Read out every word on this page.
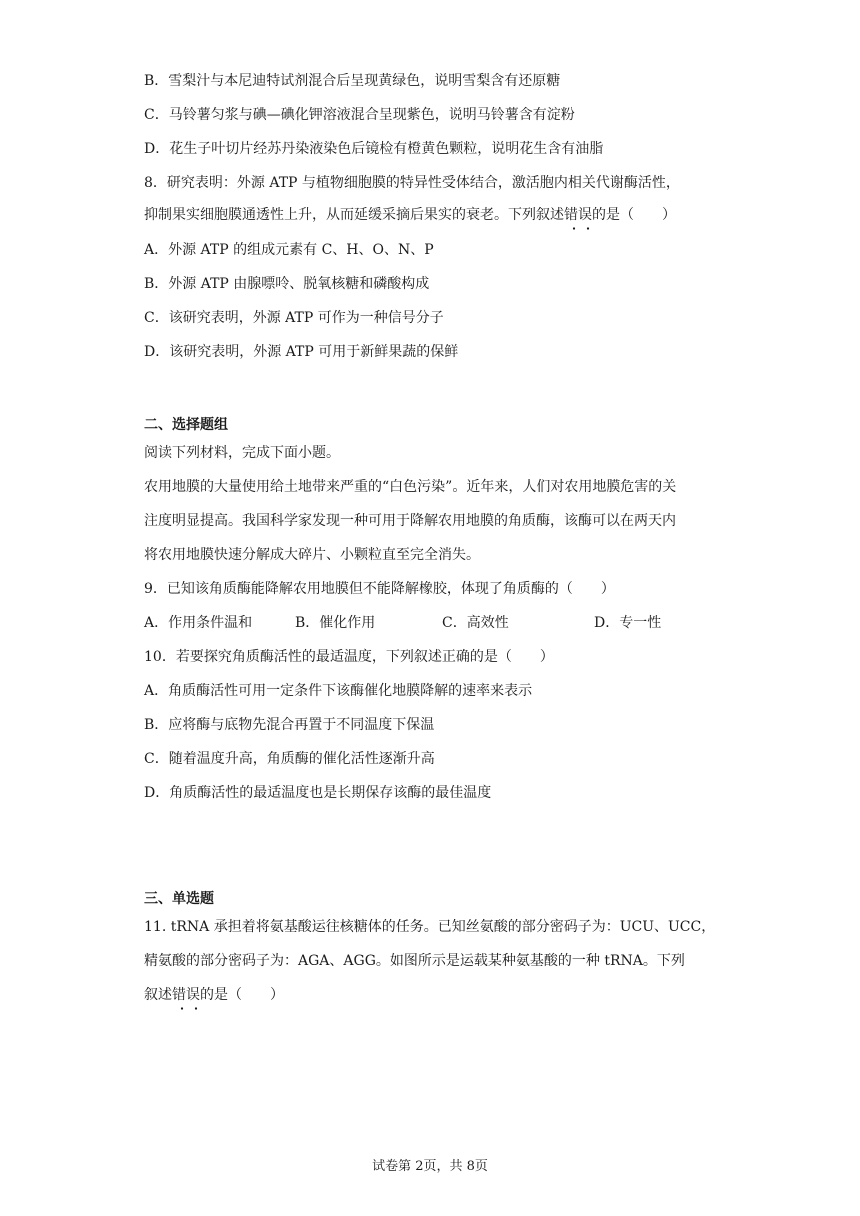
B．雪梨汁与本尼迪特试剂混合后呈现黄绿色，说明雪梨含有还原糖
C．马铃薯匀浆与碘—碘化钾溶液混合呈现紫色，说明马铃薯含有淀粉
D．花生子叶切片经苏丹染液染色后镜检有橙黄色颗粒，说明花生含有油脂
8．研究表明：外源 ATP 与植物细胞膜的特异性受体结合，激活胞内相关代谢酶活性，
抑制果实细胞膜通透性上升，从而延缓采摘后果实的衰老。下列叙述错误的是（　　）
A．外源 ATP 的组成元素有 C、H、O、N、P
B．外源 ATP 由腺嘌呤、脱氧核糖和磷酸构成
C．该研究表明，外源 ATP 可作为一种信号分子
D．该研究表明，外源 ATP 可用于新鲜果蔬的保鲜
二、选择题组
阅读下列材料，完成下面小题。
农用地膜的大量使用给土地带来严重的“白色污染”。近年来，人们对农用地膜危害的关
注度明显提高。我国科学家发现一种可用于降解农用地膜的角质酶，该酶可以在两天内
将农用地膜快速分解成大碎片、小颗粒直至完全消失。
9．已知该角质酶能降解农用地膜但不能降解橡胶，体现了角质酶的（　　）
A．作用条件温和	B．催化作用	C．高效性	D．专一性
10．若要探究角质酶活性的最适温度，下列叙述正确的是（　　）
A．角质酶活性可用一定条件下该酶催化地膜降解的速率来表示
B．应将酶与底物先混合再置于不同温度下保温
C．随着温度升高，角质酶的催化活性逐渐升高
D．角质酶活性的最适温度也是长期保存该酶的最佳温度
三、单选题
11. tRNA 承担着将氨基酸运往核糖体的任务。已知丝氨酸的部分密码子为：UCU、UCC，
精氨酸的部分密码子为：AGA、AGG。如图所示是运载某种氨基酸的一种 tRNA。下列
叙述错误的是（　　）
试卷第 2页，共 8页
